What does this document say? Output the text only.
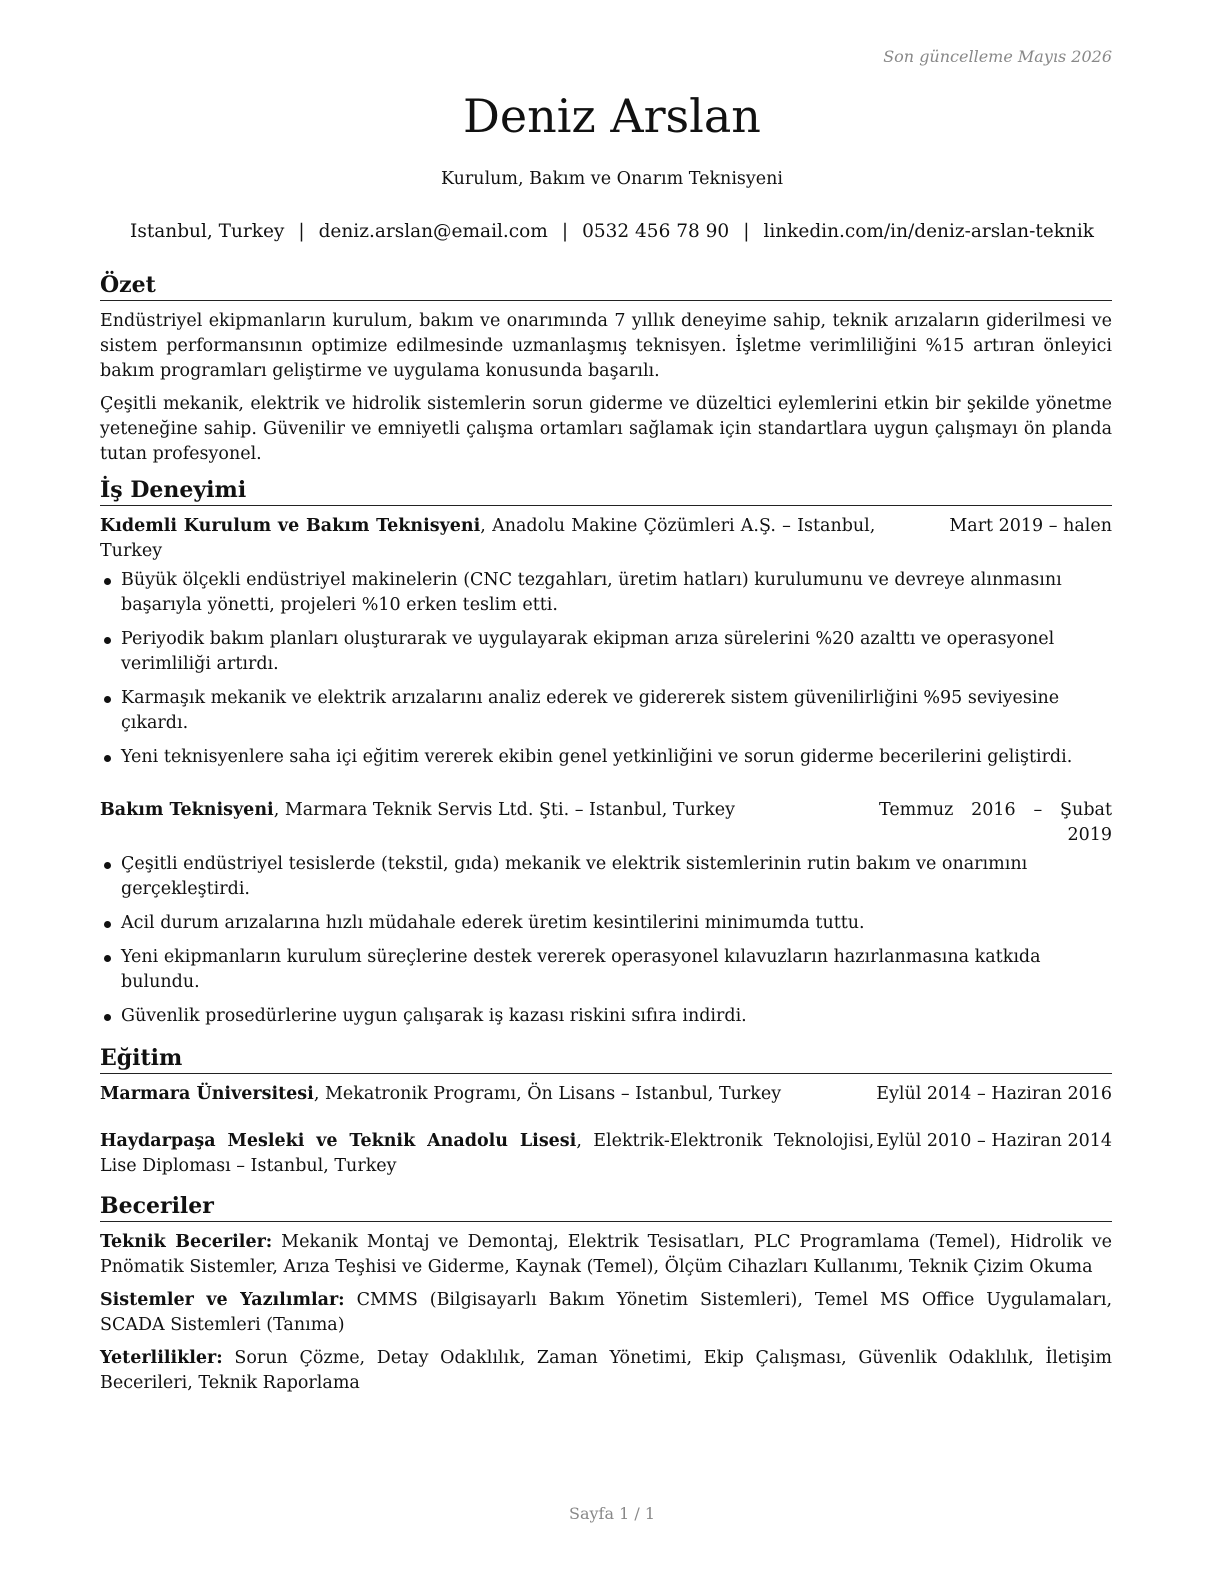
Son güncelleme Mayıs 2026
Deniz Arslan
Kurulum, Bakım ve Onarım Teknisyeni
Istanbul, Turkey | deniz.arslan@email.com | 0532 456 78 90 | linkedin.com/in/deniz-arslan-teknik
Özet

Endüstriyel ekipmanların kurulum, bakım ve onarımında 7 yıllık deneyime sahip, teknik arızaların giderilmesi ve sistem performansının optimize edilmesinde uzmanlaşmış teknisyen. İşletme verimliliğini %15 artıran önleyici bakım programları geliştirme ve uygulama konusunda başarılı.

Çeşitli mekanik, elektrik ve hidrolik sistemlerin sorun giderme ve düzeltici eylemlerini etkin bir şekilde yönetme yeteneğine sahip. Güvenilir ve emniyetli çalışma ortamları sağlamak için standartlara uygun çalışmayı ön planda tutan profesyonel.

İş Deneyimi
Kıdemli Kurulum ve Bakım Teknisyeni, Anadolu Makine Çözümleri A.Ş. – Istanbul, Turkey
Mart 2019 – halen
Büyük ölçekli endüstriyel makinelerin (CNC tezgahları, üretim hatları) kurulumunu ve devreye alınmasını başarıyla yönetti, projeleri %10 erken teslim etti.
Periyodik bakım planları oluşturarak ve uygulayarak ekipman arıza sürelerini %20 azalttı ve operasyonel verimliliği artırdı.
Karmaşık mekanik ve elektrik arızalarını analiz ederek ve gidererek sistem güvenilirliğini %95 seviyesine çıkardı.
Yeni teknisyenlere saha içi eğitim vererek ekibin genel yetkinliğini ve sorun giderme becerilerini geliştirdi.
Bakım Teknisyeni, Marmara Teknik Servis Ltd. Şti. – Istanbul, Turkey	Temmuz 2016 – Şubat 2019
Çeşitli endüstriyel tesislerde (tekstil, gıda) mekanik ve elektrik sistemlerinin rutin bakım ve onarımını gerçekleştirdi.
Acil durum arızalarına hızlı müdahale ederek üretim kesintilerini minimumda tuttu.
Yeni ekipmanların kurulum süreçlerine destek vererek operasyonel kılavuzların hazırlanmasına katkıda bulundu.
Güvenlik prosedürlerine uygun çalışarak iş kazası riskini sıfıra indirdi.
Eğitim
Marmara Üniversitesi, Mekatronik Programı, Ön Lisans – Istanbul, Turkey	Eylül 2014 – Haziran 2016
Haydarpaşa Mesleki ve Teknik Anadolu Lisesi, Elektrik-Elektronik Teknolojisi, Lise Diploması – Istanbul, Turkey
Eylül 2010 – Haziran 2014
Beceriler
Teknik Beceriler: Mekanik Montaj ve Demontaj, Elektrik Tesisatları, PLC Programlama (Temel), Hidrolik ve Pnömatik Sistemler, Arıza Teşhisi ve Giderme, Kaynak (Temel), Ölçüm Cihazları Kullanımı, Teknik Çizim Okuma
Sistemler ve Yazılımlar: CMMS (Bilgisayarlı Bakım Yönetim Sistemleri), Temel MS Office Uygulamaları, SCADA Sistemleri (Tanıma)
Yeterlilikler: Sorun Çözme, Detay Odaklılık, Zaman Yönetimi, Ekip Çalışması, Güvenlik Odaklılık, İletişim Becerileri, Teknik Raporlama
Sayfa 1 / 1
